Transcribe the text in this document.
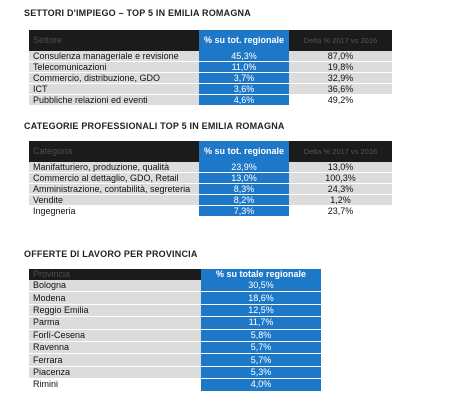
SETTORI D'IMPIEGO – TOP 5 IN EMILIA ROMAGNA
Settore	% su tot. regionale	Delta % 2017 vs 2016
Consulenza manageriale e revisione	45,3%	87,0%
Telecomunicazioni	11,0%	19,8%
Commercio, distribuzione, GDO	3,7%	32,9%
ICT	3,6%	36,6%
Pubbliche relazioni ed eventi	4,6%	49,2%
CATEGORIE PROFESSIONALI TOP 5 IN EMILIA ROMAGNA
Categoria	% su tot. regionale	Delta % 2017 vs 2016
Manifatturiero, produzione, qualità	23,9%	13,0%
Commercio al dettaglio, GDO, Retail	13,0%	100,3%
Amministrazione, contabilità, segreteria	8,3%	24,3%
Vendite	8,2%	1,2%
Ingegneria	7,3%	23,7%
OFFERTE DI LAVORO PER PROVINCIA
Provincia	% su totale regionale
Bologna	30,5%
Modena	18,6%
Reggio Emilia	12,5%
Parma	11,7%
Forlì-Cesena	5,8%
Ravenna	5,7%
Ferrara	5,7%
Piacenza	5,3%
Rimini	4,0%
